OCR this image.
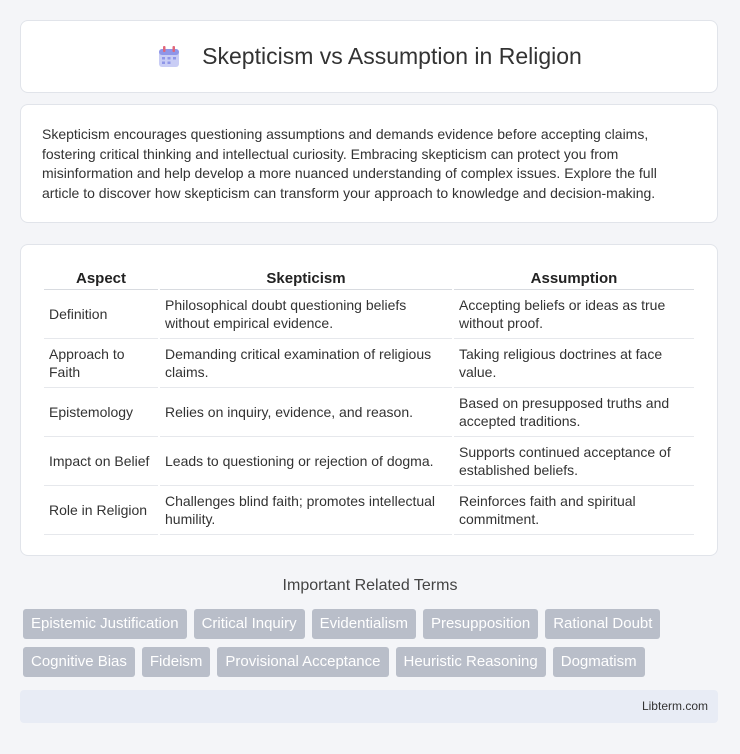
Skepticism vs Assumption in Religion
Skepticism encourages questioning assumptions and demands evidence before accepting claims, fostering critical thinking and intellectual curiosity. Embracing skepticism can protect you from misinformation and help develop a more nuanced understanding of complex issues. Explore the full article to discover how skepticism can transform your approach to knowledge and decision-making.
Aspect	Skepticism	Assumption
Definition	Philosophical doubt questioning beliefs without empirical evidence.	Accepting beliefs or ideas as true without proof.
Approach to Faith	Demanding critical examination of religious claims.	Taking religious doctrines at face value.
Epistemology	Relies on inquiry, evidence, and reason.	Based on presupposed truths and accepted traditions.
Impact on Belief	Leads to questioning or rejection of dogma.	Supports continued acceptance of established beliefs.
Role in Religion	Challenges blind faith; promotes intellectual humility.	Reinforces faith and spiritual commitment.
Important Related Terms
Epistemic Justification	Critical Inquiry	Evidentialism	Presupposition	Rational Doubt
Cognitive Bias	Fideism	Provisional Acceptance	Heuristic Reasoning	Dogmatism
Libterm.com
